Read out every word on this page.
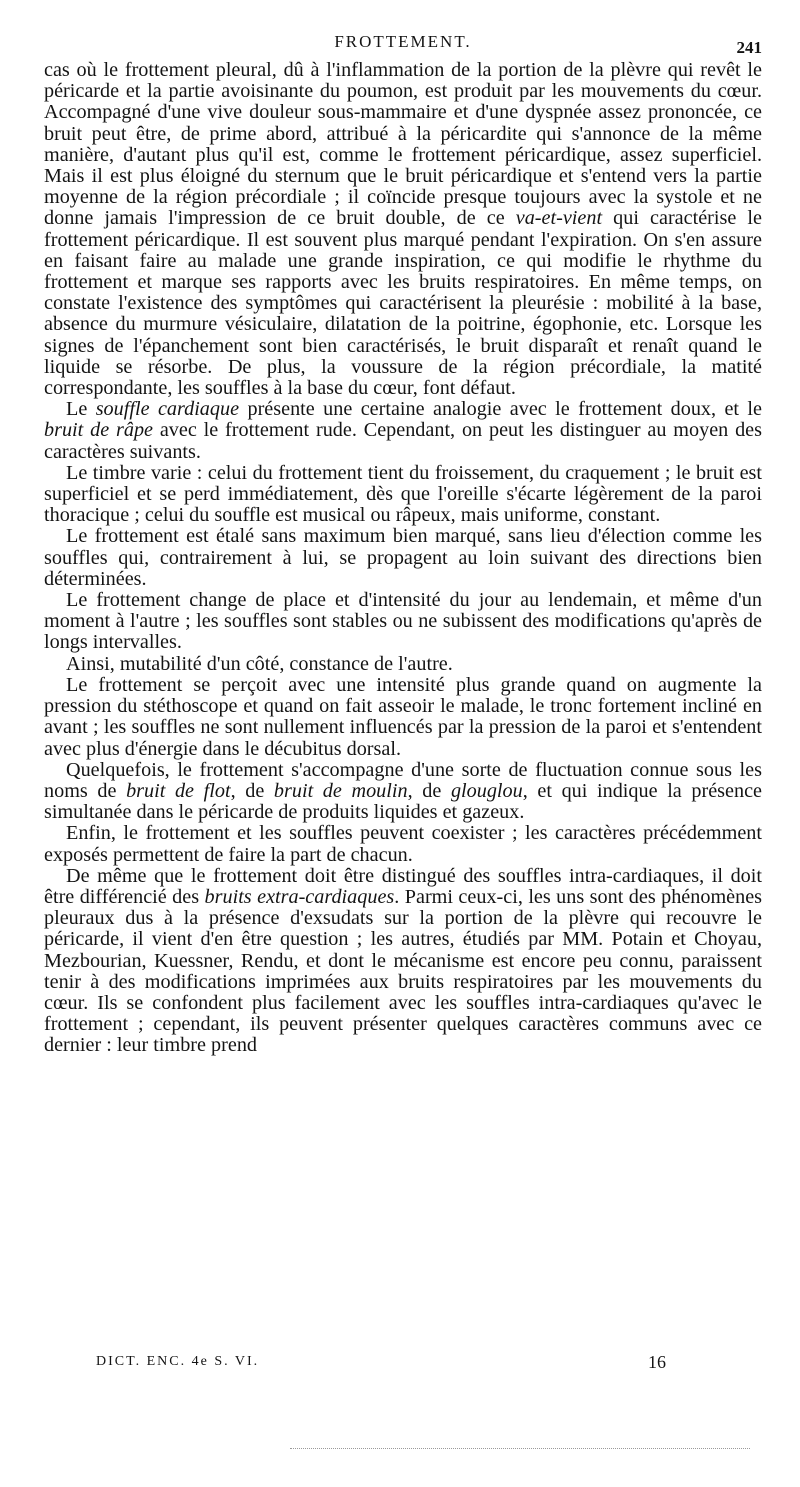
FROTTEMENT.	241

cas où le frottement pleural, dû à l'inflammation de la portion de la plèvre qui revêt le péricarde et la partie avoisinante du poumon, est produit par les mouvements du cœur. Accompagné d'une vive douleur sous-mammaire et d'une dyspnée assez prononcée, ce bruit peut être, de prime abord, attribué à la péricardite qui s'annonce de la même manière, d'autant plus qu'il est, comme le frottement péricardique, assez superficiel. Mais il est plus éloigné du sternum que le bruit péricardique et s'entend vers la partie moyenne de la région précordiale ; il coïncide presque toujours avec la systole et ne donne jamais l'impression de ce bruit double, de ce va-et-vient qui caractérise le frottement péricardique. Il est souvent plus marqué pendant l'expiration. On s'en assure en faisant faire au malade une grande inspiration, ce qui modifie le rhythme du frottement et marque ses rapports avec les bruits respiratoires. En même temps, on constate l'existence des symptômes qui caractérisent la pleurésie : mobilité à la base, absence du murmure vésiculaire, dilatation de la poitrine, égophonie, etc. Lorsque les signes de l'épanchement sont bien caractérisés, le bruit disparaît et renaît quand le liquide se résorbe. De plus, la voussure de la région précordiale, la matité correspondante, les souffles à la base du cœur, font défaut.

Le souffle cardiaque présente une certaine analogie avec le frottement doux, et le bruit de râpe avec le frottement rude. Cependant, on peut les distinguer au moyen des caractères suivants.

Le timbre varie : celui du frottement tient du froissement, du craquement ; le bruit est superficiel et se perd immédiatement, dès que l'oreille s'écarte légèrement de la paroi thoracique ; celui du souffle est musical ou râpeux, mais uniforme, constant.

Le frottement est étalé sans maximum bien marqué, sans lieu d'élection comme les souffles qui, contrairement à lui, se propagent au loin suivant des directions bien déterminées.

Le frottement change de place et d'intensité du jour au lendemain, et même d'un moment à l'autre ; les souffles sont stables ou ne subissent des modifications qu'après de longs intervalles.

Ainsi, mutabilité d'un côté, constance de l'autre.

Le frottement se perçoit avec une intensité plus grande quand on augmente la pression du stéthoscope et quand on fait asseoir le malade, le tronc fortement incliné en avant ; les souffles ne sont nullement influencés par la pression de la paroi et s'entendent avec plus d'énergie dans le décubitus dorsal.

Quelquefois, le frottement s'accompagne d'une sorte de fluctuation connue sous les noms de bruit de flot, de bruit de moulin, de glouglou, et qui indique la présence simultanée dans le péricarde de produits liquides et gazeux.

Enfin, le frottement et les souffles peuvent coexister ; les caractères précédemment exposés permettent de faire la part de chacun.

De même que le frottement doit être distingué des souffles intra-cardiaques, il doit être différencié des bruits extra-cardiaques. Parmi ceux-ci, les uns sont des phénomènes pleuraux dus à la présence d'exsudats sur la portion de la plèvre qui recouvre le péricarde, il vient d'en être question ; les autres, étudiés par MM. Potain et Choyau, Mezbourian, Kuessner, Rendu, et dont le mécanisme est encore peu connu, paraissent tenir à des modifications imprimées aux bruits respiratoires par les mouvements du cœur. Ils se confondent plus facilement avec les souffles intra-cardiaques qu'avec le frottement ; cependant, ils peuvent présenter quelques caractères communs avec ce dernier : leur timbre prend

DICT. ENC. 4e S. VI.	16
